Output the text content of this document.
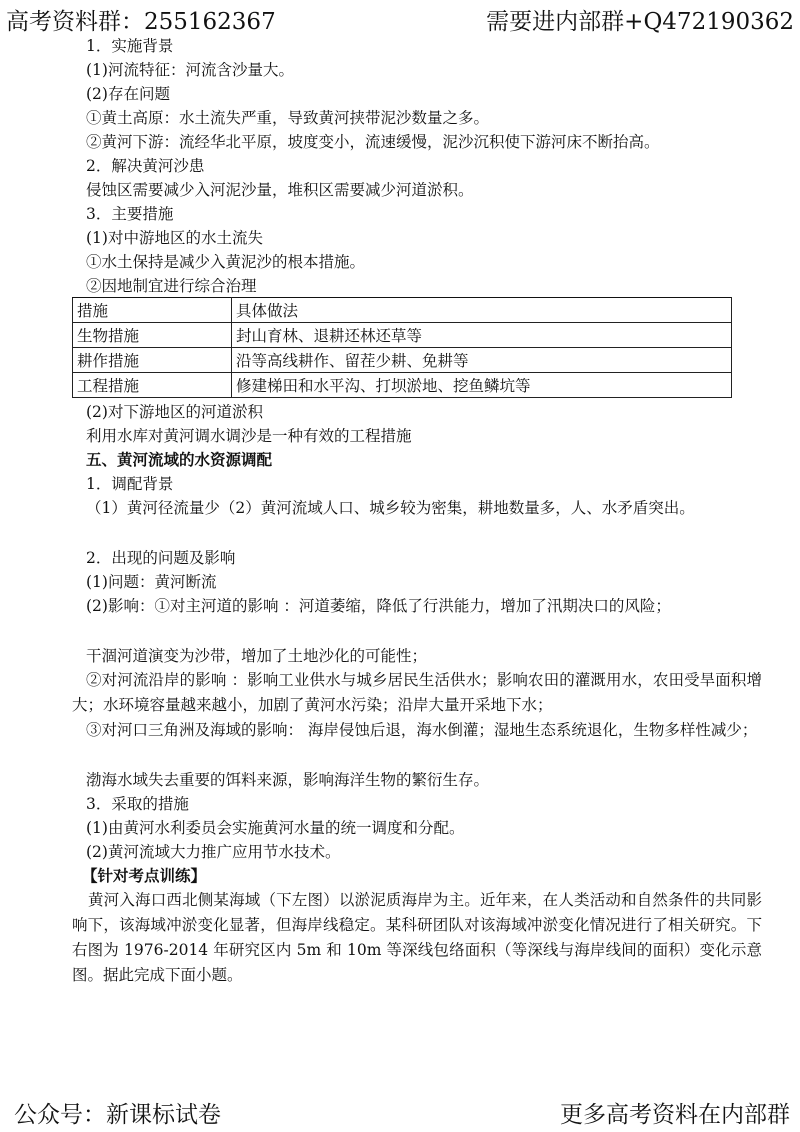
高考资料群：255162367	需要进内部群+Q472190362
1．实施背景
(1)河流特征：河流含沙量大。
(2)存在问题
①黄土高原：水土流失严重，导致黄河挟带泥沙数量之多。
②黄河下游：流经华北平原，坡度变小，流速缓慢，泥沙沉积使下游河床不断抬高。
2．解决黄河沙患
侵蚀区需要减少入河泥沙量，堆积区需要减少河道淤积。
3．主要措施
(1)对中游地区的水土流失
①水土保持是减少入黄泥沙的根本措施。
②因地制宜进行综合治理
措施	具体做法
生物措施	封山育林、退耕还林还草等
耕作措施	沿等高线耕作、留茬少耕、免耕等
工程措施	修建梯田和水平沟、打坝淤地、挖鱼鳞坑等
(2)对下游地区的河道淤积
利用水库对黄河调水调沙是一种有效的工程措施
五、黄河流域的水资源调配
1．调配背景
（1）黄河径流量少（2）黄河流域人口、城乡较为密集，耕地数量多，人、水矛盾突出。
2．出现的问题及影响
(1)问题：黄河断流
(2)影响：①对主河道的影响 ：河道萎缩，降低了行洪能力，增加了汛期决口的风险；
干涸河道演变为沙带，增加了土地沙化的可能性；
②对河流沿岸的影响 ：影响工业供水与城乡居民生活供水；影响农田的灌溉用水，农田受旱面积增大；水环境容量越来越小，加剧了黄河水污染；沿岸大量开采地下水；
③对河口三角洲及海域的影响： 海岸侵蚀后退，海水倒灌；湿地生态系统退化，生物多样性减少；
渤海水域失去重要的饵料来源，影响海洋生物的繁衍生存。
3．采取的措施
(1)由黄河水利委员会实施黄河水量的统一调度和分配。
(2)黄河流域大力推广应用节水技术。
【针对考点训练】
黄河入海口西北侧某海域（下左图）以淤泥质海岸为主。近年来，在人类活动和自然条件的共同影响下，该海域冲淤变化显著，但海岸线稳定。某科研团队对该海域冲淤变化情况进行了相关研究。下右图为 1976-2014 年研究区内 5m 和 10m 等深线包络面积（等深线与海岸线间的面积）变化示意图。据此完成下面小题。
公众号：新课标试卷	更多高考资料在内部群
